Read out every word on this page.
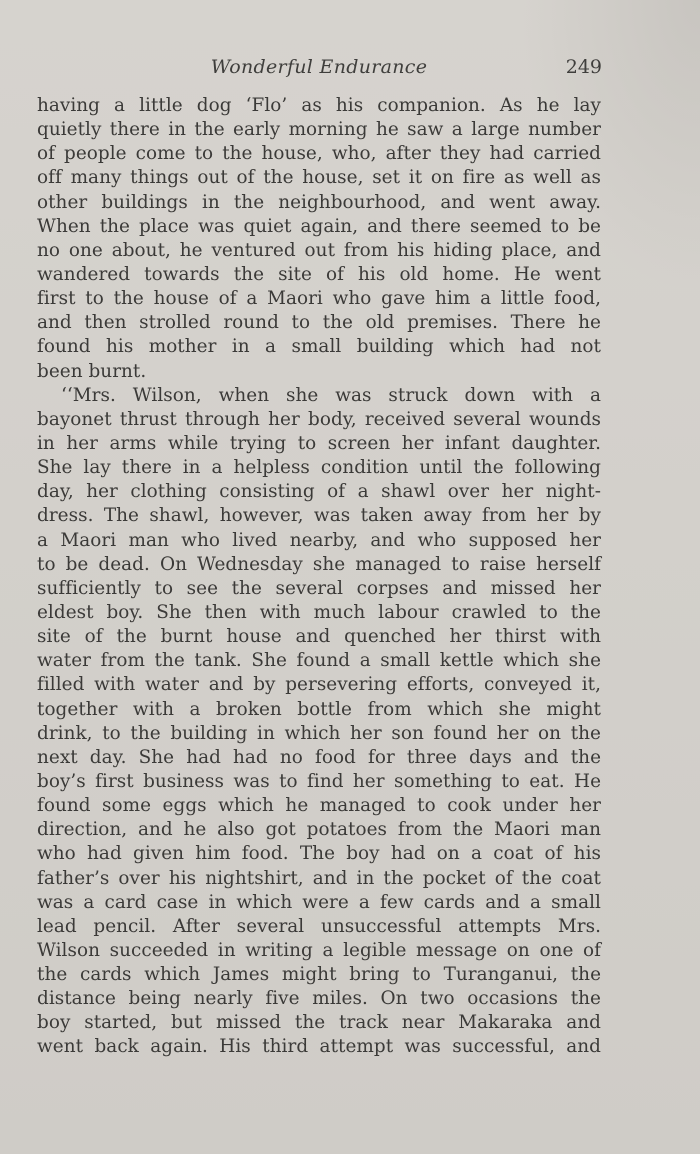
Wonderful Endurance	249
having a little dog ‘Flo’ as his companion. As he lay
quietly there in the early morning he saw a large number
of people come to the house, who, after they had carried
off many things out of the house, set it on fire as well as
other buildings in the neighbourhood, and went away.
When the place was quiet again, and there seemed to be
no one about, he ventured out from his hiding place, and
wandered towards the site of his old home. He went
first to the house of a Maori who gave him a little food,
and then strolled round to the old premises. There he
found his mother in a small building which had not
been burnt.
‘‘Mrs. Wilson, when she was struck down with a
bayonet thrust through her body, received several wounds
in her arms while trying to screen her infant daughter.
She lay there in a helpless condition until the following
day, her clothing consisting of a shawl over her night-
dress. The shawl, however, was taken away from her by
a Maori man who lived nearby, and who supposed her
to be dead. On Wednesday she managed to raise herself
sufficiently to see the several corpses and missed her
eldest boy. She then with much labour crawled to the
site of the burnt house and quenched her thirst with
water from the tank. She found a small kettle which she
filled with water and by persevering efforts, conveyed it,
together with a broken bottle from which she might
drink, to the building in which her son found her on the
next day. She had had no food for three days and the
boy’s first business was to find her something to eat. He
found some eggs which he managed to cook under her
direction, and he also got potatoes from the Maori man
who had given him food. The boy had on a coat of his
father’s over his nightshirt, and in the pocket of the coat
was a card case in which were a few cards and a small
lead pencil. After several unsuccessful attempts Mrs.
Wilson succeeded in writing a legible message on one of
the cards which James might bring to Turanganui, the
distance being nearly five miles. On two occasions the
boy started, but missed the track near Makaraka and
went back again. His third attempt was successful, and
